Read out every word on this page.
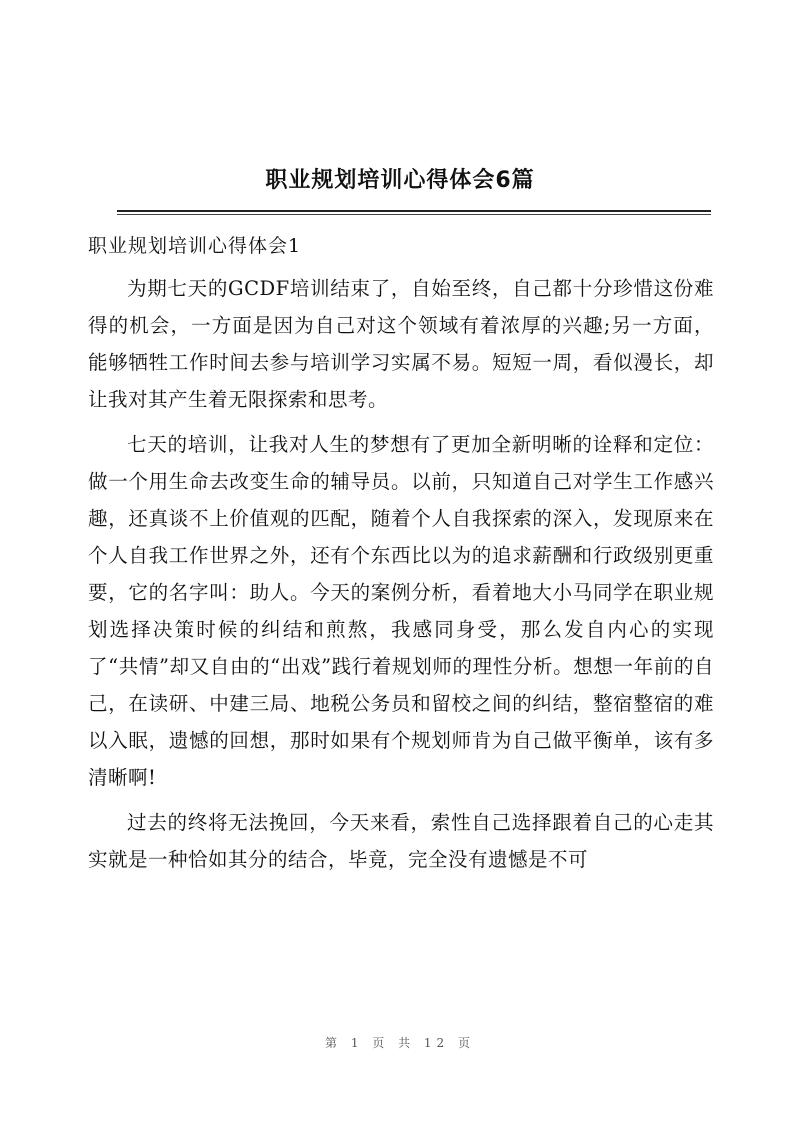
职业规划培训心得体会6篇
职业规划培训心得体会1

为期七天的GCDF培训结束了，自始至终，自己都十分珍惜这份难得的机会，一方面是因为自己对这个领域有着浓厚的兴趣;另一方面，能够牺牲工作时间去参与培训学习实属不易。短短一周，看似漫长，却让我对其产生着无限探索和思考。

七天的培训，让我对人生的梦想有了更加全新明晰的诠释和定位：做一个用生命去改变生命的辅导员。以前，只知道自己对学生工作感兴趣，还真谈不上价值观的匹配，随着个人自我探索的深入，发现原来在个人自我工作世界之外，还有个东西比以为的追求薪酬和行政级别更重要，它的名字叫：助人。今天的案例分析，看着地大小马同学在职业规划选择决策时候的纠结和煎熬，我感同身受，那么发自内心的实现了“共情”却又自由的“出戏”践行着规划师的理性分析。想想一年前的自己，在读研、中建三局、地税公务员和留校之间的纠结，整宿整宿的难以入眠，遗憾的回想，那时如果有个规划师肯为自己做平衡单，该有多清晰啊!

过去的终将无法挽回，今天来看，索性自己选择跟着自己的心走其实就是一种恰如其分的结合，毕竟，完全没有遗憾是不可

第 1 页 共 12 页
